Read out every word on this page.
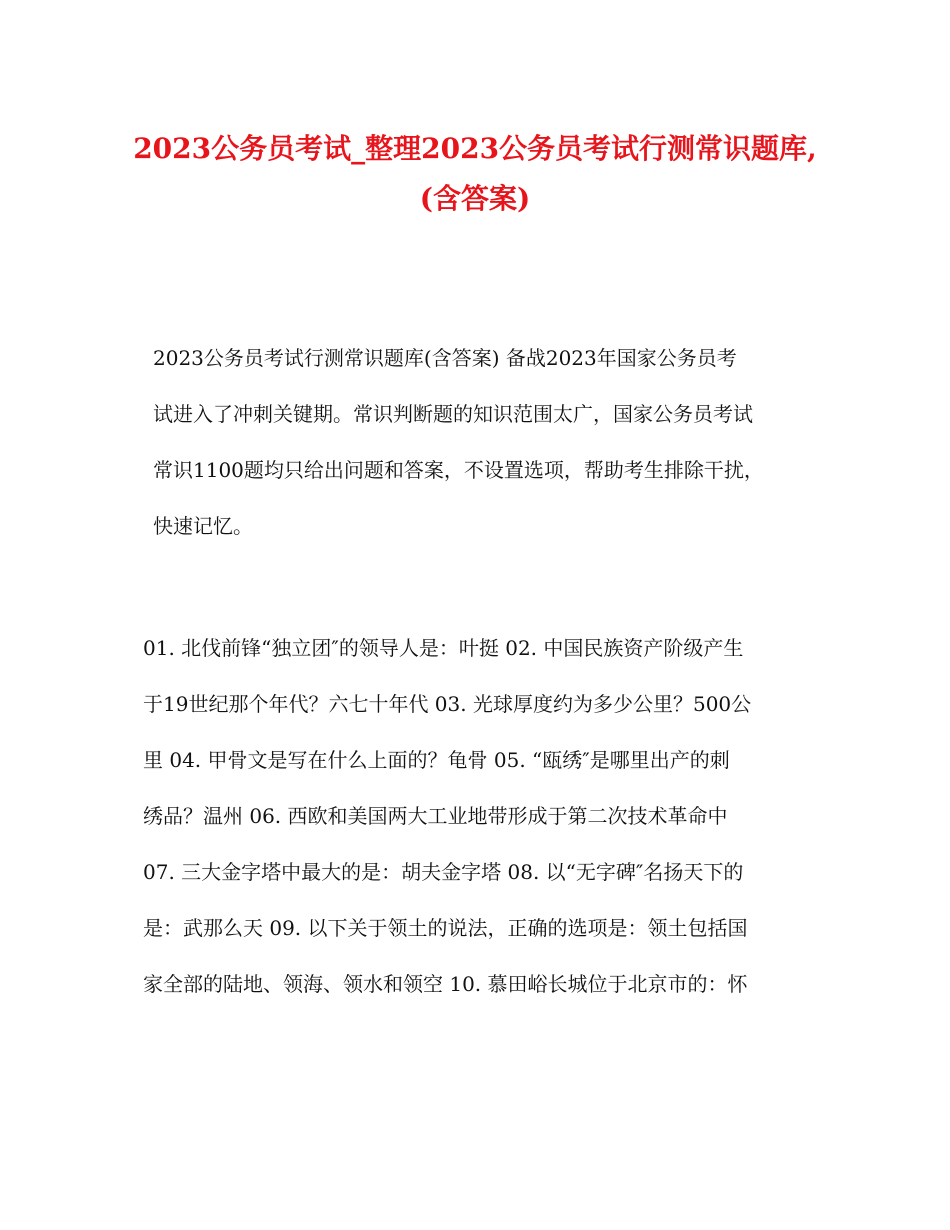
2023公务员考试_整理2023公务员考试行测常识题库,
(含答案)
2023公务员考试行测常识题库(含答案) 备战2023年国家公务员考
试进入了冲刺关键期。常识判断题的知识范围太广，国家公务员考试
常识1100题均只给出问题和答案，不设置选项，帮助考生排除干扰，
快速记忆。
01. 北伐前锋“独立团″的领导人是：叶挺 02. 中国民族资产阶级产生
于19世纪那个年代？六七十年代 03. 光球厚度约为多少公里？500公
里 04. 甲骨文是写在什么上面的？龟骨 05. “瓯绣″是哪里出产的刺
绣品？温州 06. 西欧和美国两大工业地带形成于第二次技术革命中
07. 三大金字塔中最大的是：胡夫金字塔 08. 以“无字碑″名扬天下的
是：武那么天 09. 以下关于领土的说法，正确的选项是：领土包括国
家全部的陆地、领海、领水和领空 10. 慕田峪长城位于北京市的：怀
